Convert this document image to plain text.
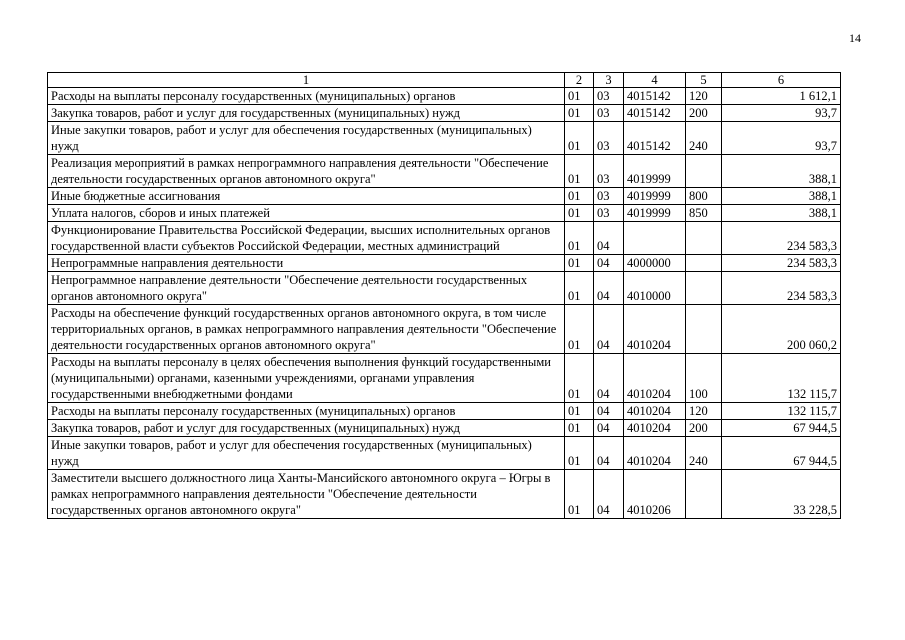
14
1	2	3	4	5	6
Расходы на выплаты персоналу государственных (муниципальных) органов	01	03	4015142	120	1 612,1
Закупка товаров, работ и услуг для государственных (муниципальных) нужд	01	03	4015142	200	93,7
Иные закупки товаров, работ и услуг для обеспечения государственных (муниципальных) нужд	01	03	4015142	240	93,7
Реализация мероприятий в рамках непрограммного направления деятельности "Обеспечение деятельности государственных органов автономного округа"	01	03	4019999		388,1
Иные бюджетные ассигнования	01	03	4019999	800	388,1
Уплата налогов, сборов и иных платежей	01	03	4019999	850	388,1
Функционирование Правительства Российской Федерации, высших исполнительных органов государственной власти субъектов Российской Федерации, местных администраций	01	04			234 583,3
Непрограммные направления деятельности	01	04	4000000		234 583,3
Непрограммное направление деятельности "Обеспечение деятельности государственных органов автономного округа"	01	04	4010000		234 583,3
Расходы на обеспечение функций государственных органов автономного округа, в том числе территориальных органов, в рамках непрограммного направления деятельности "Обеспечение деятельности государственных органов автономного округа"	01	04	4010204		200 060,2
Расходы на выплаты персоналу в целях обеспечения выполнения функций государственными (муниципальными) органами, казенными учреждениями, органами управления государственными внебюджетными фондами	01	04	4010204	100	132 115,7
Расходы на выплаты персоналу государственных (муниципальных) органов	01	04	4010204	120	132 115,7
Закупка товаров, работ и услуг для государственных (муниципальных) нужд	01	04	4010204	200	67 944,5
Иные закупки товаров, работ и услуг для обеспечения государственных (муниципальных) нужд	01	04	4010204	240	67 944,5
Заместители высшего должностного лица Ханты-Мансийского автономного округа – Югры в рамках непрограммного направления деятельности "Обеспечение деятельности государственных органов автономного округа"	01	04	4010206		33 228,5
